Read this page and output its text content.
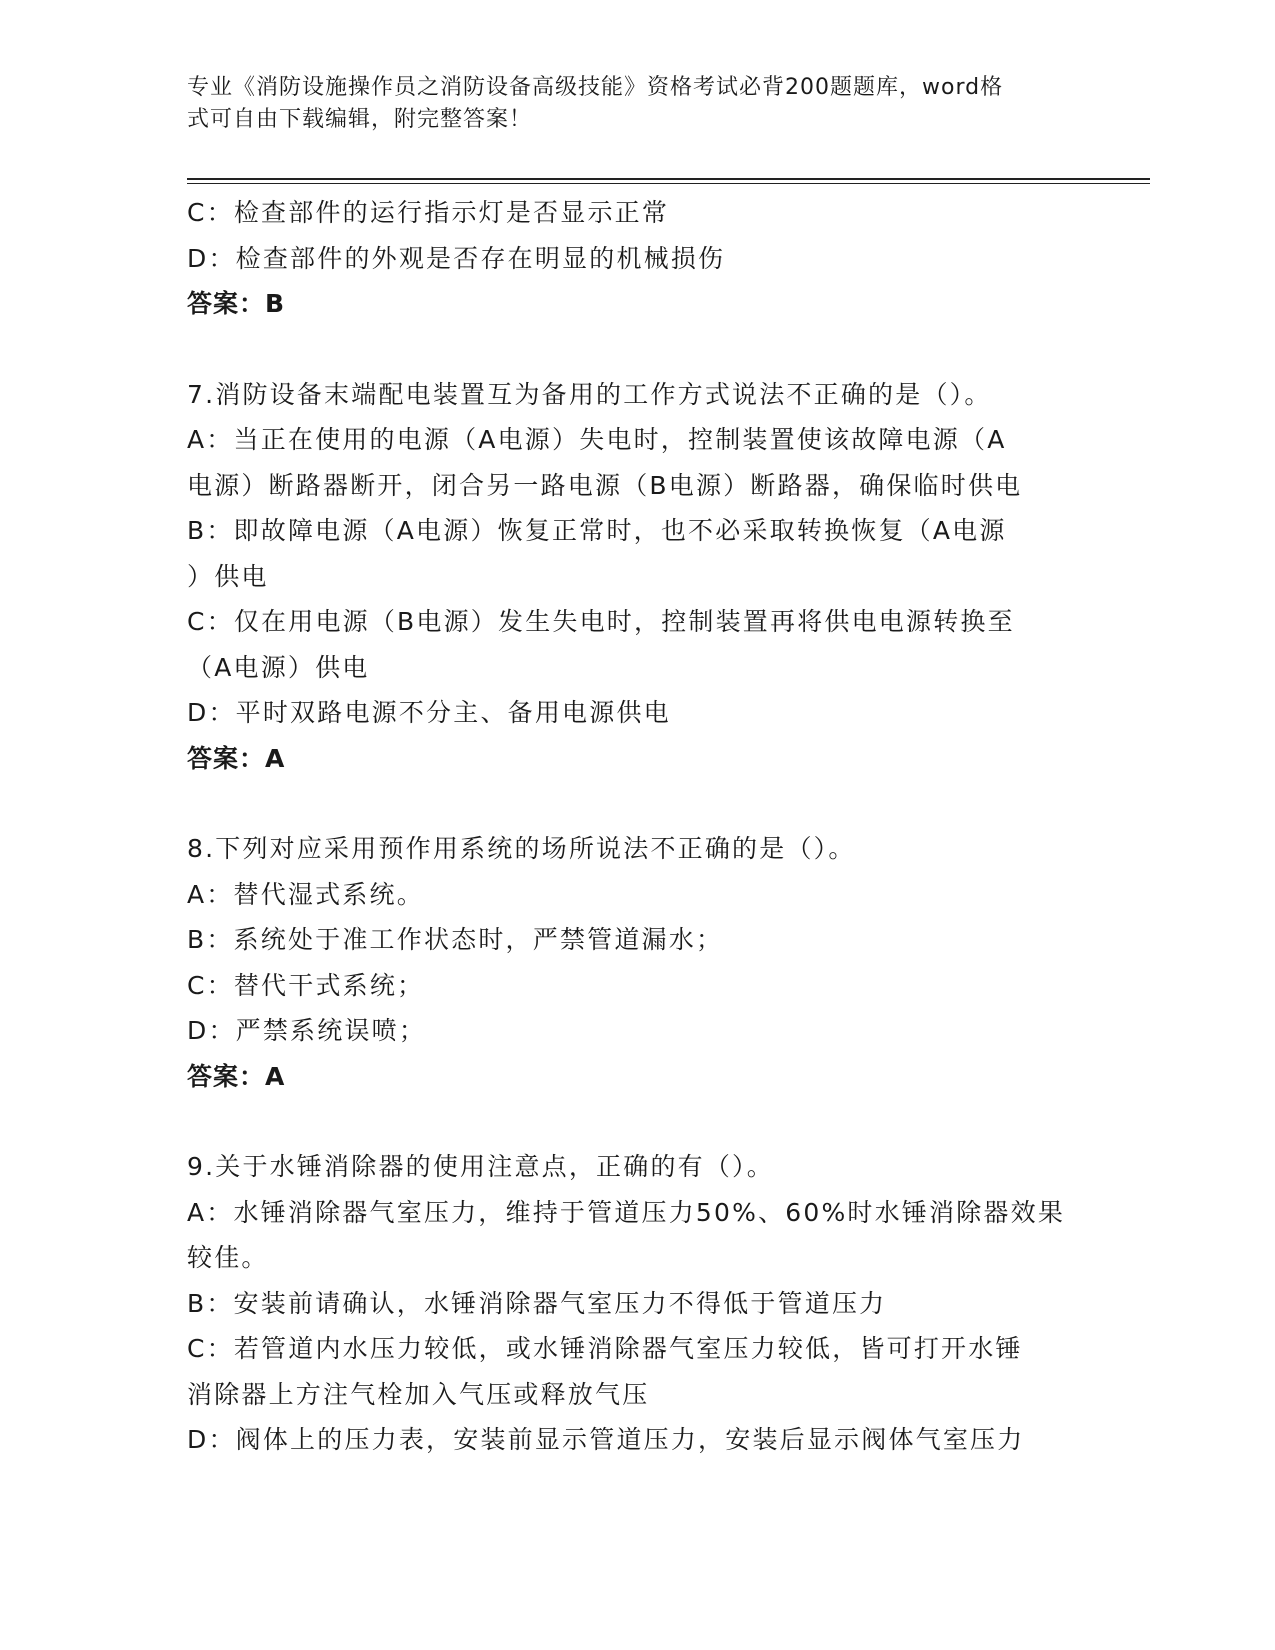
专业《消防设施操作员之消防设备高级技能》资格考试必背200题题库，word格
式可自由下载编辑，附完整答案！
C：检查部件的运行指示灯是否显示正常
D：检查部件的外观是否存在明显的机械损伤
答案：B
7.消防设备末端配电装置互为备用的工作方式说法不正确的是（）。
A：当正在使用的电源（A电源）失电时，控制装置使该故障电源（A
电源）断路器断开，闭合另一路电源（B电源）断路器，确保临时供电
B：即故障电源（A电源）恢复正常时，也不必采取转换恢复（A电源
）供电
C：仅在用电源（B电源）发生失电时，控制装置再将供电电源转换至
（A电源）供电
D：平时双路电源不分主、备用电源供电
答案：A
8.下列对应采用预作用系统的场所说法不正确的是（）。
A：替代湿式系统。
B：系统处于准工作状态时，严禁管道漏水；
C：替代干式系统；
D：严禁系统误喷；
答案：A
9.关于水锤消除器的使用注意点，正确的有（）。
A：水锤消除器气室压力，维持于管道压力50%、60%时水锤消除器效果
较佳。
B：安装前请确认，水锤消除器气室压力不得低于管道压力
C：若管道内水压力较低，或水锤消除器气室压力较低，皆可打开水锤
消除器上方注气栓加入气压或释放气压
D：阀体上的压力表，安装前显示管道压力，安装后显示阀体气室压力
